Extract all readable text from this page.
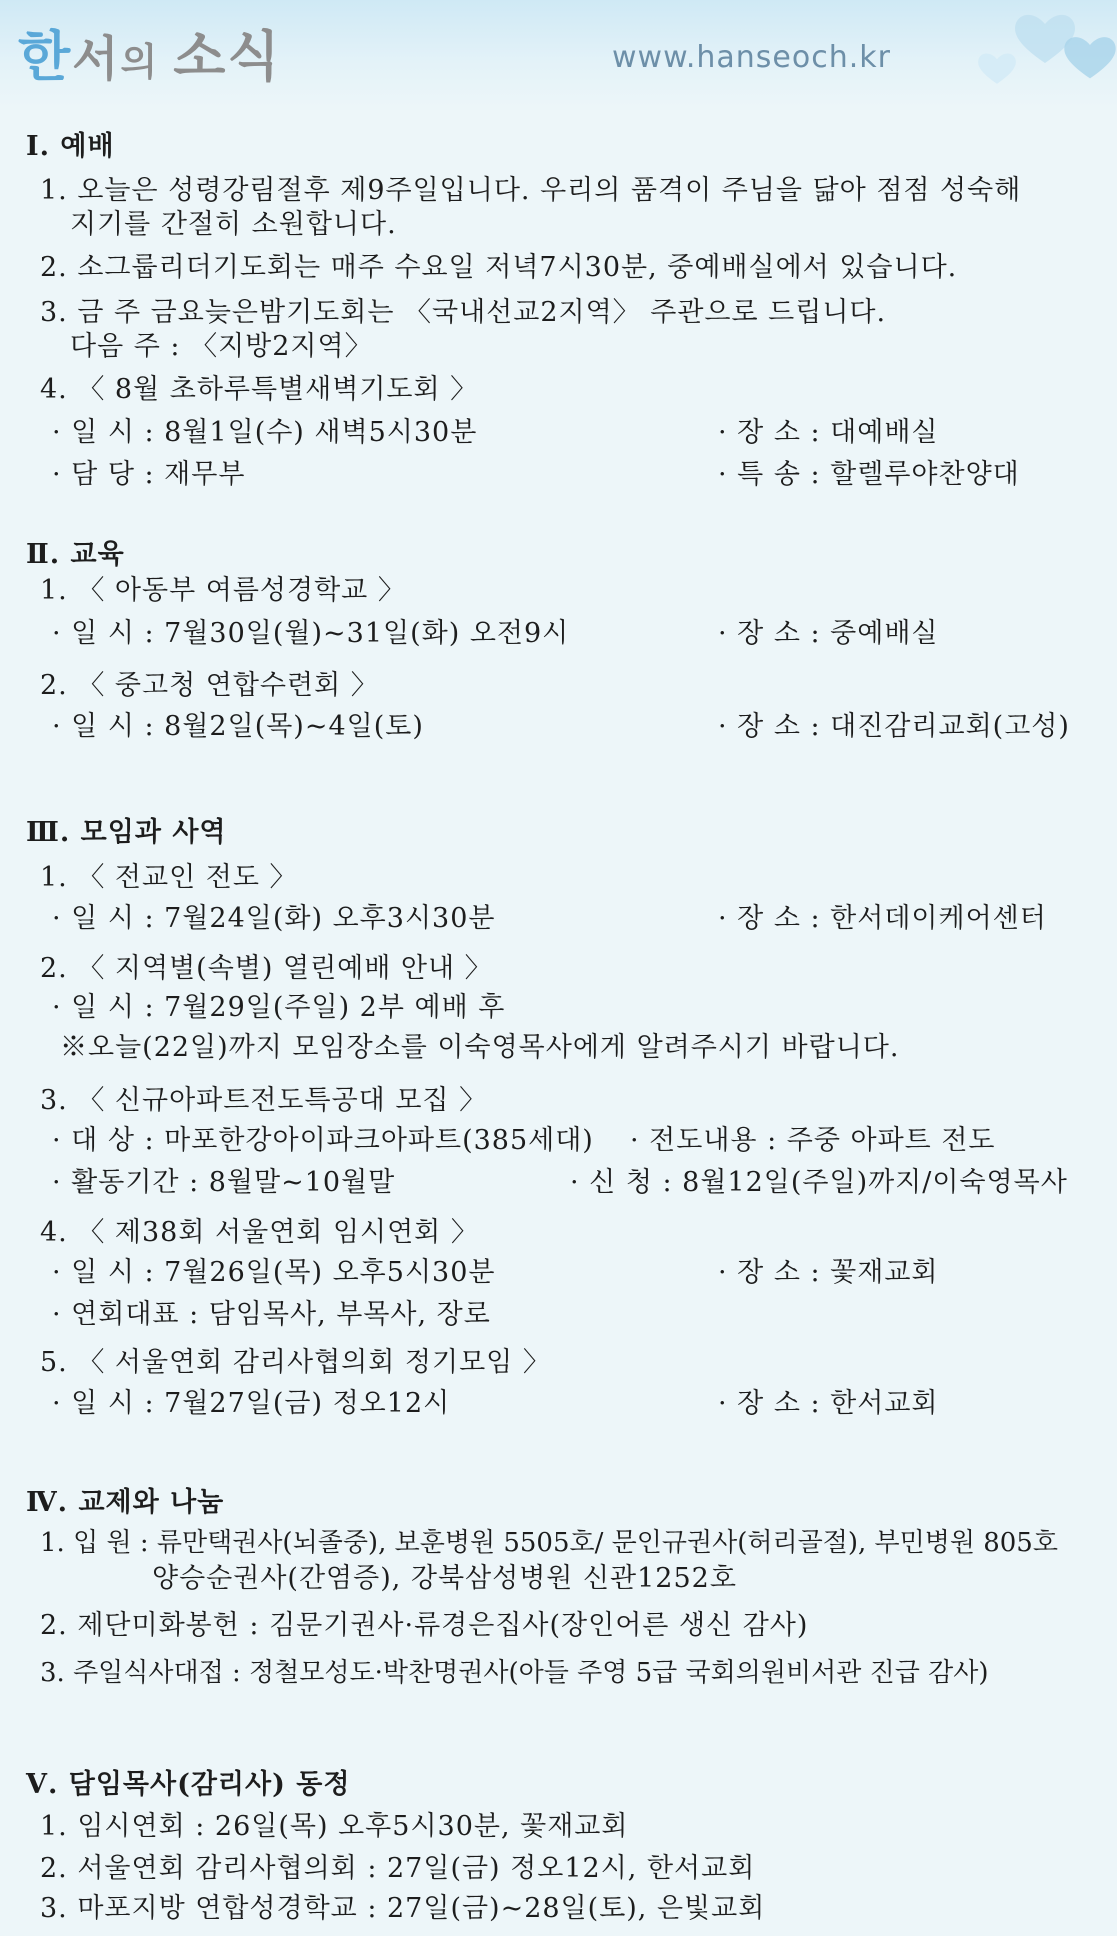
한서의 소식	www.hanseoch.kr
Ⅰ. 예배
1. 오늘은 성령강림절후 제9주일입니다. 우리의 품격이 주님을 닮아 점점 성숙해
지기를 간절히 소원합니다.
2. 소그룹리더기도회는 매주 수요일 저녁7시30분, 중예배실에서 있습니다.
3. 금 주 금요늦은밤기도회는 〈국내선교2지역〉 주관으로 드립니다.
다음 주 : 〈지방2지역〉
4. 〈 8월 초하루특별새벽기도회 〉
· 일 시 : 8월1일(수) 새벽5시30분	· 장 소 : 대예배실
· 담 당 : 재무부	· 특 송 : 할렐루야찬양대
Ⅱ. 교육
1. 〈 아동부 여름성경학교 〉
· 일 시 : 7월30일(월)~31일(화) 오전9시	· 장 소 : 중예배실
2. 〈 중고청 연합수련회 〉
· 일 시 : 8월2일(목)~4일(토)	· 장 소 : 대진감리교회(고성)
Ⅲ. 모임과 사역
1. 〈 전교인 전도 〉
· 일 시 : 7월24일(화) 오후3시30분	· 장 소 : 한서데이케어센터
2. 〈 지역별(속별) 열린예배 안내 〉
· 일 시 : 7월29일(주일) 2부 예배 후
※오늘(22일)까지 모임장소를 이숙영목사에게 알려주시기 바랍니다.
3. 〈 신규아파트전도특공대 모집 〉
· 대 상 : 마포한강아이파크아파트(385세대) · 전도내용 : 주중 아파트 전도
· 활동기간 : 8월말~10월말	· 신 청 : 8월12일(주일)까지/이숙영목사
4. 〈 제38회 서울연회 임시연회 〉
· 일 시 : 7월26일(목) 오후5시30분	· 장 소 : 꽃재교회
· 연회대표 : 담임목사, 부목사, 장로
5. 〈 서울연회 감리사협의회 정기모임 〉
· 일 시 : 7월27일(금) 정오12시	· 장 소 : 한서교회
Ⅳ. 교제와 나눔
1. 입 원 : 류만택권사(뇌졸중), 보훈병원 5505호/ 문인규권사(허리골절), 부민병원 805호
양승순권사(간염증), 강북삼성병원 신관1252호
2. 제단미화봉헌 : 김문기권사·류경은집사(장인어른 생신 감사)
3. 주일식사대접 : 정철모성도·박찬명권사(아들 주영 5급 국회의원비서관 진급 감사)
Ⅴ. 담임목사(감리사) 동정
1. 임시연회 : 26일(목) 오후5시30분, 꽃재교회
2. 서울연회 감리사협의회 : 27일(금) 정오12시, 한서교회
3. 마포지방 연합성경학교 : 27일(금)~28일(토), 은빛교회
